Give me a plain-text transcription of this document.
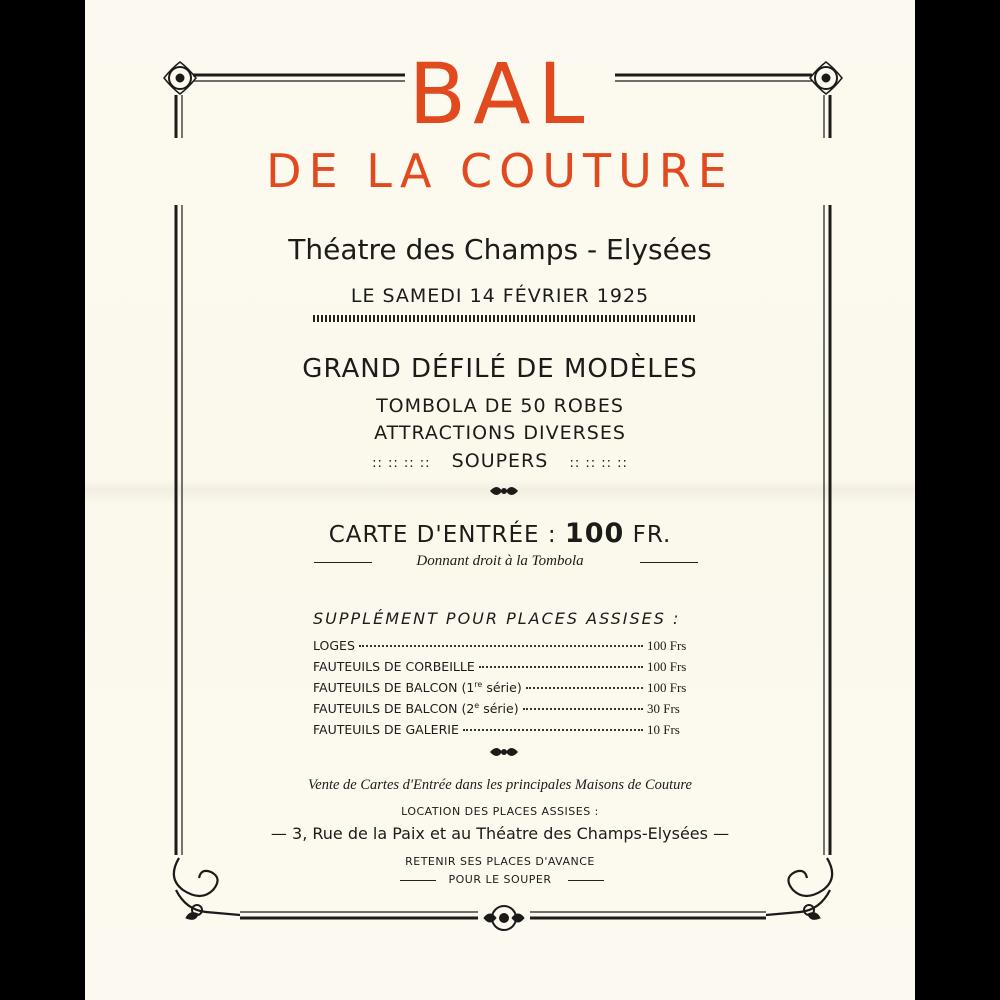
BAL
DE LA COUTURE
Théatre des Champs - Elysées
LE SAMEDI 14 FÉVRIER 1925
GRAND DÉFILÉ DE MODÈLES
TOMBOLA DE 50 ROBES
ATTRACTIONS DIVERSES
:: :: :: :: SOUPERS :: :: :: ::
CARTE D'ENTRÉE : 100 FR.
Donnant droit à la Tombola
SUPPLÉMENT POUR PLACES ASSISES :
LOGES	100 Frs
FAUTEUILS DE CORBEILLE	100 Frs
FAUTEUILS DE BALCON (1re série)	100 Frs
FAUTEUILS DE BALCON (2e série)	30 Frs
FAUTEUILS DE GALERIE	10 Frs
Vente de Cartes d'Entrée dans les principales Maisons de Couture
LOCATION DES PLACES ASSISES :
— 3, Rue de la Paix et au Théatre des Champs-Elysées —
RETENIR SES PLACES D'AVANCE
POUR LE SOUPER
